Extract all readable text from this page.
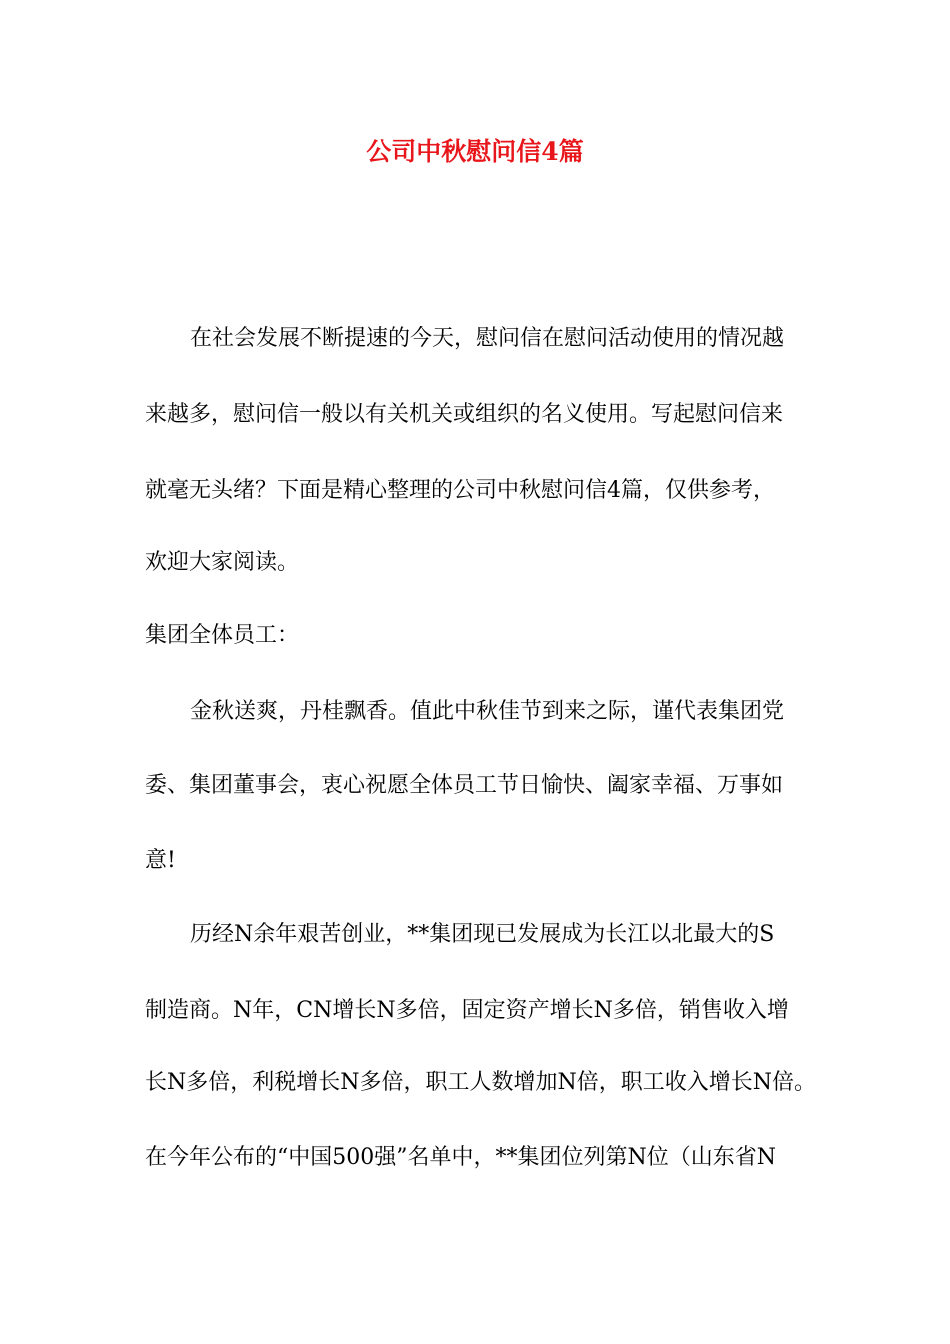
公司中秋慰问信4篇
在社会发展不断提速的今天，慰问信在慰问活动使用的情况越
来越多，慰问信一般以有关机关或组织的名义使用。写起慰问信来
就毫无头绪？下面是精心整理的公司中秋慰问信4篇，仅供参考，
欢迎大家阅读。
集团全体员工：
金秋送爽，丹桂飘香。值此中秋佳节到来之际，谨代表集团党
委、集团董事会，衷心祝愿全体员工节日愉快、阖家幸福、万事如
意!
历经N余年艰苦创业，**集团现已发展成为长江以北最大的S
制造商。N年，CN增长N多倍，固定资产增长N多倍，销售收入增
长N多倍，利税增长N多倍，职工人数增加N倍，职工收入增长N倍。
在今年公布的“中国500强”名单中，**集团位列第N位（山东省N
